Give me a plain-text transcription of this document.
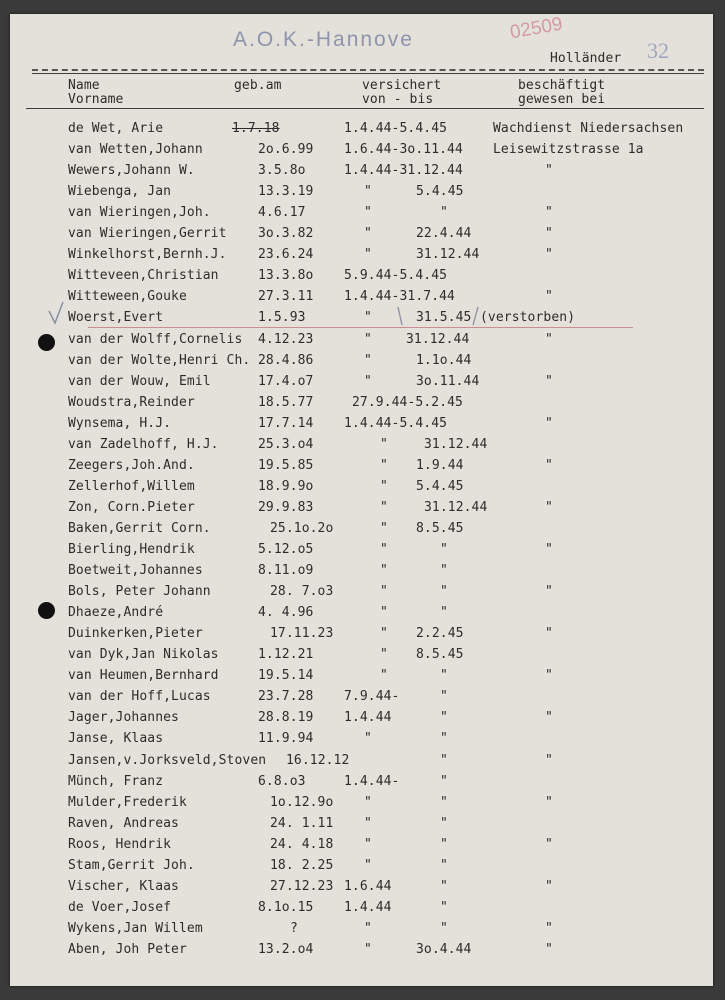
A.O.K.-Hannove	02509
32
Holländer
Name
Vorname
geb.am	versichert
von - bis
beschäftigt
gewesen bei
de Wet, Arie	1.7.18	1.4.44-5.4.45	Wachdienst Niedersachsen
van Wetten,Johann	2o.6.99 1.6.44-3o.11.44 Leisewitzstrasse 1a
Wewers,Johann W.	3.5.8o	1.4.44-31.12.44	"
Wiebenga, Jan	13.3.19	"	5.4.45
van Wieringen,Joh.	4.6.17	"	"	"
van Wieringen,Gerrit 3o.3.82	"	22.4.44	"
Winkelhorst,Bernh.J. 23.6.24	"	31.12.44	"
Witteveen,Christian	13.3.8o 5.9.44-5.4.45
Witteween,Gouke	27.3.11 1.4.44-31.7.44	"
Woerst,Evert	1.5.93	"	31.5.45 (verstorben)
van der Wolff,Cornelis 4.12.23	"	31.12.44	"
van der Wolte,Henri Ch. 28.4.86	"	1.1o.44
van der Wouw, Emil	17.4.o7	"	3o.11.44	"
Woudstra,Reinder	18.5.77	27.9.44-5.2.45
Wynsema, H.J.	17.7.14 1.4.44-5.4.45	"
van Zadelhoff, H.J.	25.3.o4	"	31.12.44
Zeegers,Joh.And.	19.5.85	" 1.9.44	"
Zellerhof,Willem	18.9.9o	" 5.4.45
Zon, Corn.Pieter	29.9.83	"	31.12.44	"
Baken,Gerrit Corn.	25.1o.2o	" 8.5.45
Bierling,Hendrik	5.12.o5	"	"	"
Boetweit,Johannes	8.11.o9	"	"
Bols, Peter Johann	28. 7.o3	"	"	"
Dhaeze,André	4. 4.96	"	"
Duinkerken,Pieter	17.11.23	" 2.2.45	"
van Dyk,Jan Nikolas	1.12.21	" 8.5.45
van Heumen,Bernhard	19.5.14	"	"	"
van der Hoff,Lucas	23.7.28 7.9.44-	"
Jager,Johannes	28.8.19 1.4.44	"	"
Janse, Klaas	11.9.94	"	"
Jansen,v.Jorksveld,Stoven 16.12.12	"	"
Münch, Franz	6.8.o3	1.4.44-	"
Mulder,Frederik	1o.12.9o "	"	"
Raven, Andreas	24. 1.11 "	"
Roos, Hendrik	24. 4.18 "	"	"
Stam,Gerrit Joh.	18. 2.25 "	"
Vischer, Klaas	27.12.23 1.6.44	"	"
de Voer,Josef	8.1o.15 1.4.44	"
Wykens,Jan Willem	?	"	"	"
Aben, Joh Peter	13.2.o4	"	3o.4.44	"
